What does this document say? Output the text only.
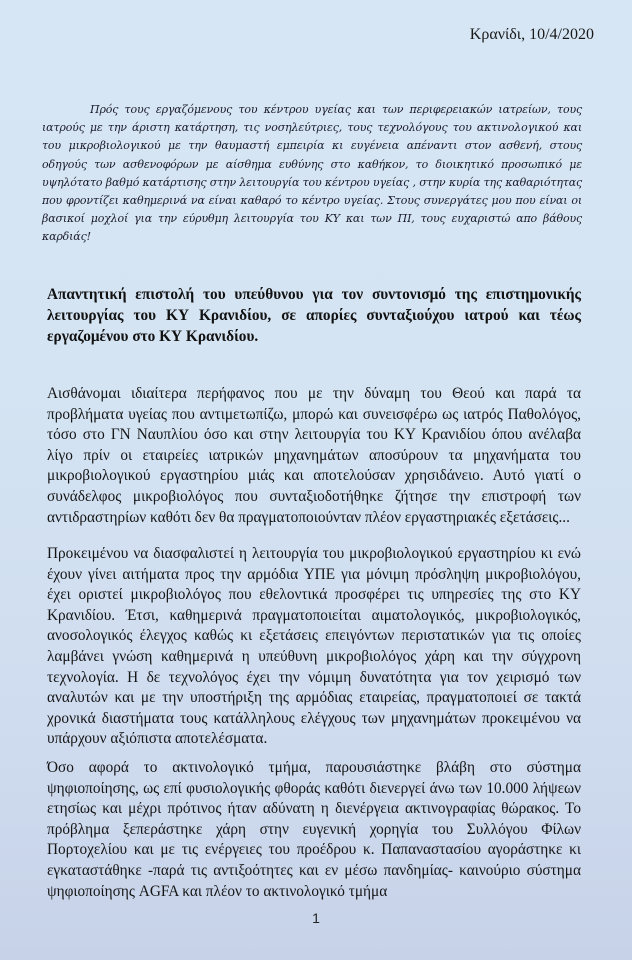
Κρανίδι, 10/4/2020
Πρός τους εργαζόμενους του κέντρου υγείας και των περιφερειακών ιατρείων, τους ιατρούς με την άριστη κατάρτηση, τις νοσηλεύτριες, τους τεχνολόγους του ακτινολογικού και του μικροβιολογικού με την θαυμαστή εμπειρία κι ευγένεια απέναντι στον ασθενή, στους οδηγούς των ασθενοφόρων με αίσθημα ευθύνης στο καθήκον, το διοικητικό προσωπικό με υψηλότατο βαθμό κατάρτισης στην λειτουργία του κέντρου υγείας , στην κυρία της καθαριότητας που φροντίζει καθημερινά να είναι καθαρό το κέντρο υγείας. Στους συνεργάτες μου που είναι οι βασικοί μοχλοί για την εύρυθμη λειτουργία του ΚΥ και των ΠΙ, τους ευχαριστώ απο βάθους καρδιάς!
Απαντητική επιστολή του υπεύθυνου για τον συντονισμό της επιστημονικής λειτουργίας του ΚΥ Κρανιδίου, σε απορίες συνταξιούχου ιατρού και τέως εργαζομένου στο ΚΥ Κρανιδίου.
Αισθάνομαι ιδιαίτερα περήφανος που με την δύναμη του Θεού και παρά τα προβλήματα υγείας που αντιμετωπίζω, μπορώ και συνεισφέρω ως ιατρός Παθολόγος, τόσο στο ΓΝ Ναυπλίου όσο και στην λειτουργία του ΚΥ Κρανιδίου όπου ανέλαβα λίγο πρίν οι εταιρείες ιατρικών μηχανημάτων αποσύρουν τα μηχανήματα του μικροβιολογικού εργαστηρίου μιάς και αποτελούσαν χρησιδάνειο. Αυτό γιατί ο συνάδελφος μικροβιολόγος που συνταξιοδοτήθηκε ζήτησε την επιστροφή των αντιδραστηρίων καθότι δεν θα πραγματοποιούνταν πλέον εργαστηριακές εξετάσεις...
Προκειμένου να διασφαλιστεί η λειτουργία του μικροβιολογικού εργαστηρίου κι ενώ έχουν γίνει αιτήματα προς την αρμόδια ΥΠΕ για μόνιμη πρόσληψη μικροβιολόγου, έχει οριστεί μικροβιολόγος που εθελοντικά προσφέρει τις υπηρεσίες της στο ΚΥ Κρανιδίου. Έτσι, καθημερινά πραγματοποιείται αιματολογικός, μικροβιολογικός, ανοσολογικός έλεγχος καθώς κι εξετάσεις επειγόντων περιστατικών για τις οποίες λαμβάνει γνώση καθημερινά η υπεύθυνη μικροβιολόγος χάρη και την σύγχρονη τεχνολογία. Η δε τεχνολόγος έχει την νόμιμη δυνατότητα για τον χειρισμό των αναλυτών και με την υποστήριξη της αρμόδιας εταιρείας, πραγματοποιεί σε τακτά χρονικά διαστήματα τους κατάλληλους ελέγχους των μηχανημάτων προκειμένου να υπάρχουν αξιόπιστα αποτελέσματα.
Όσο αφορά το ακτινολογικό τμήμα, παρουσιάστηκε βλάβη στο σύστημα ψηφιοποίησης, ως επί φυσιολογικής φθοράς καθότι διενεργεί άνω των 10.000 λήψεων ετησίως και μέχρι πρότινος ήταν αδύνατη η διενέργεια ακτινογραφίας θώρακος. Το πρόβλημα ξεπεράστηκε χάρη στην ευγενική χορηγία του Συλλόγου Φίλων Πορτοχελίου και με τις ενέργειες του προέδρου κ. Παπαναστασίου αγοράστηκε κι εγκαταστάθηκε -παρά τις αντιξοότητες και εν μέσω πανδημίας- καινούριο σύστημα ψηφιοποίησης AGFA και πλέον το ακτινολογικό τμήμα
1
